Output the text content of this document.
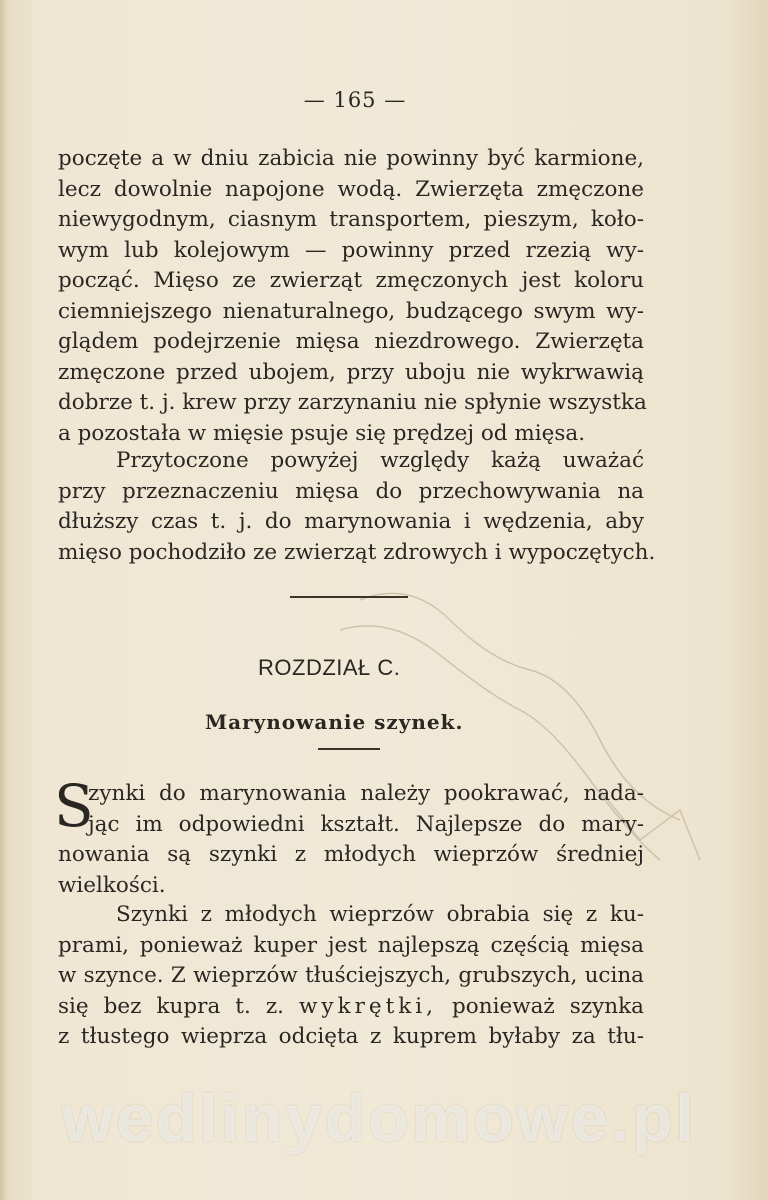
— 165 —
poczęte a w dniu zabicia nie powinny być karmione,
lecz dowolnie napojone wodą. Zwierzęta zmęczone
niewygodnym, ciasnym transportem, pieszym, koło-
wym lub kolejowym — powinny przed rzezią wy-
począć. Mięso ze zwierząt zmęczonych jest koloru
ciemniejszego nienaturalnego, budzącego swym wy-
glądem podejrzenie mięsa niezdrowego. Zwierzęta
zmęczone przed ubojem, przy uboju nie wykrwawią
dobrze t. j. krew przy zarzynaniu nie spłynie wszystka
a pozostała w mięsie psuje się prędzej od mięsa.
Przytoczone powyżej względy każą uważać
przy przeznaczeniu mięsa do przechowywania na
dłuższy czas t. j. do marynowania i wędzenia, aby
mięso pochodziło ze zwierząt zdrowych i wypoczętych.
ROZDZIAŁ C.
Marynowanie szynek.
S
zynki do marynowania należy pookrawać, nada-
jąc im odpowiedni kształt. Najlepsze do mary-
nowania są szynki z młodych wieprzów średniej
wielkości.
Szynki z młodych wieprzów obrabia się z ku-
prami, ponieważ kuper jest najlepszą częścią mięsa
w szynce. Z wieprzów tłuściejszych, grubszych, ucina
się bez kupra t. z. wykrętki, ponieważ szynka
z tłustego wieprza odcięta z kuprem byłaby za tłu-
wedlinydomowe.pl
